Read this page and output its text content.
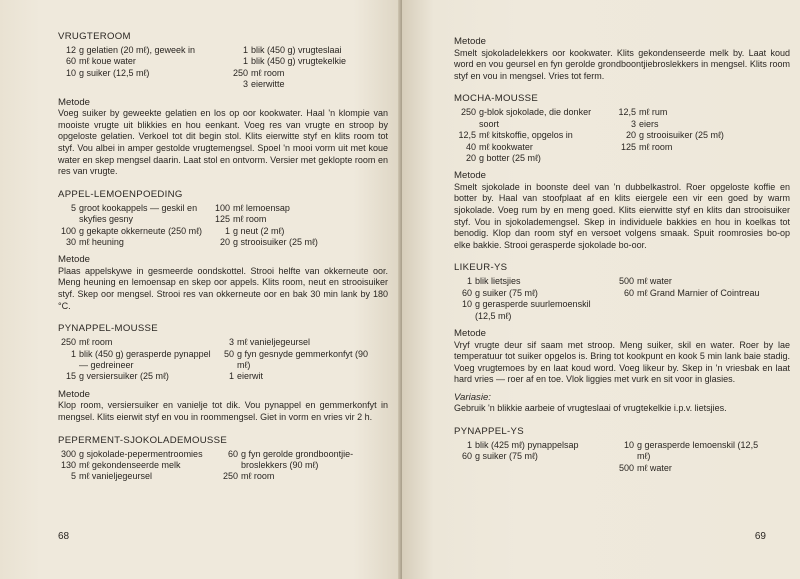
VRUGTEROOM
12 g gelatien (20 mℓ), geweek in
60 mℓ koue water
10 g suiker (12,5 mℓ)
1 blik (450 g) vrugteslaai
1 blik (450 g) vrugtekelkie
250 mℓ room
3 eierwitte
Metode

Voeg suiker by geweekte gelatien en los op oor kookwater. Haal 'n klompie van mooiste vrugte uit blikkies en hou eenkant. Voeg res van vrugte en stroop by opgeloste gelatien. Verkoel tot dit begin stol. Klits eierwitte styf en klits room tot styf. Vou albei in amper gestolde vrugtemengsel. Spoel 'n mooi vorm uit met koue water en skep mengsel daarin. Laat stol en ontvorm. Versier met geklopte room en res van vrugte.

APPEL-LEMOENPOEDING
5 groot kookappels — geskil en skyfies gesny
100 g gekapte okkerneute (250 mℓ)
30 mℓ heuning
100 mℓ lemoensap
125 mℓ room
1 g neut (2 mℓ)
20 g strooisuiker (25 mℓ)
Metode

Plaas appelskywe in gesmeerde oondskottel. Strooi helfte van okkerneute oor. Meng heuning en lemoensap en skep oor appels. Klits room, neut en strooisuiker styf. Skep oor mengsel. Strooi res van okkerneute oor en bak 30 min lank by 180 °C.

PYNAPPEL-MOUSSE
250 mℓ room
1 blik (450 g) gerasperde pynappel — gedreineer
15 g versiersuiker (25 mℓ)
3 mℓ vanieljegeursel
50 g fyn gesnyde gemmerkonfyt (90 mℓ)
1 eierwit
Metode

Klop room, versiersuiker en vanielje tot dik. Vou pynappel en gemmerkonfyt in mengsel. Klits eierwit styf en vou in roommengsel. Giet in vorm en vries vir 2 h.

PEPERMENT-SJOKOLADEMOUSSE
300 g sjokolade-pepermentroomies
130 mℓ gekondenseerde melk
5 mℓ vanieljegeursel
60 g fyn gerolde grondboontjie-broslekkers (90 mℓ)
250 mℓ room
68
Metode

Smelt sjokoladelekkers oor kookwater. Klits gekondenseerde melk by. Laat koud word en vou geursel en fyn gerolde grondboontjiebroslekkers in mengsel. Klits room styf en vou in mengsel. Vries tot ferm.

MOCHA-MOUSSE
250 g-blok sjokolade, die donker soort
12,5 mℓ kitskoffie, opgelos in
40 mℓ kookwater
20 g botter (25 mℓ)
12,5 mℓ rum
3 eiers
20 g strooisuiker (25 mℓ)
125 mℓ room
Metode

Smelt sjokolade in boonste deel van 'n dubbelkastrol. Roer opgeloste koffie en botter by. Haal van stoofplaat af en klits eiergele een vir een goed by warm sjokolade. Voeg rum by en meng goed. Klits eierwitte styf en klits dan strooisuiker styf. Vou in sjokolademengsel. Skep in individuele bakkies en hou in koelkas tot benodig. Klop dan room styf en versoet volgens smaak. Spuit roomrosies bo-op elke bakkie. Strooi gerasperde sjokolade bo-oor.

LIKEUR-YS
1 blik lietsjies
60 g suiker (75 mℓ)
10 g gerasperde suurlemoenskil (12,5 mℓ)
500 mℓ water
60 mℓ Grand Marnier of Cointreau
Metode

Vryf vrugte deur sif saam met stroop. Meng suiker, skil en water. Roer by lae temperatuur tot suiker opgelos is. Bring tot kookpunt en kook 5 min lank baie stadig. Voeg vrugtemoes by en laat koud word. Voeg likeur by. Skep in 'n vriesbak en laat hard vries — roer af en toe. Vlok liggies met vurk en sit voor in glasies.

Variasie:

Gebruik 'n blikkie aarbeie of vrugteslaai of vrugtekelkie i.p.v. lietsjies.

PYNAPPEL-YS
1 blik (425 mℓ) pynappelsap
60 g suiker (75 mℓ)
10 g gerasperde lemoenskil (12,5 mℓ)
500 mℓ water
69
